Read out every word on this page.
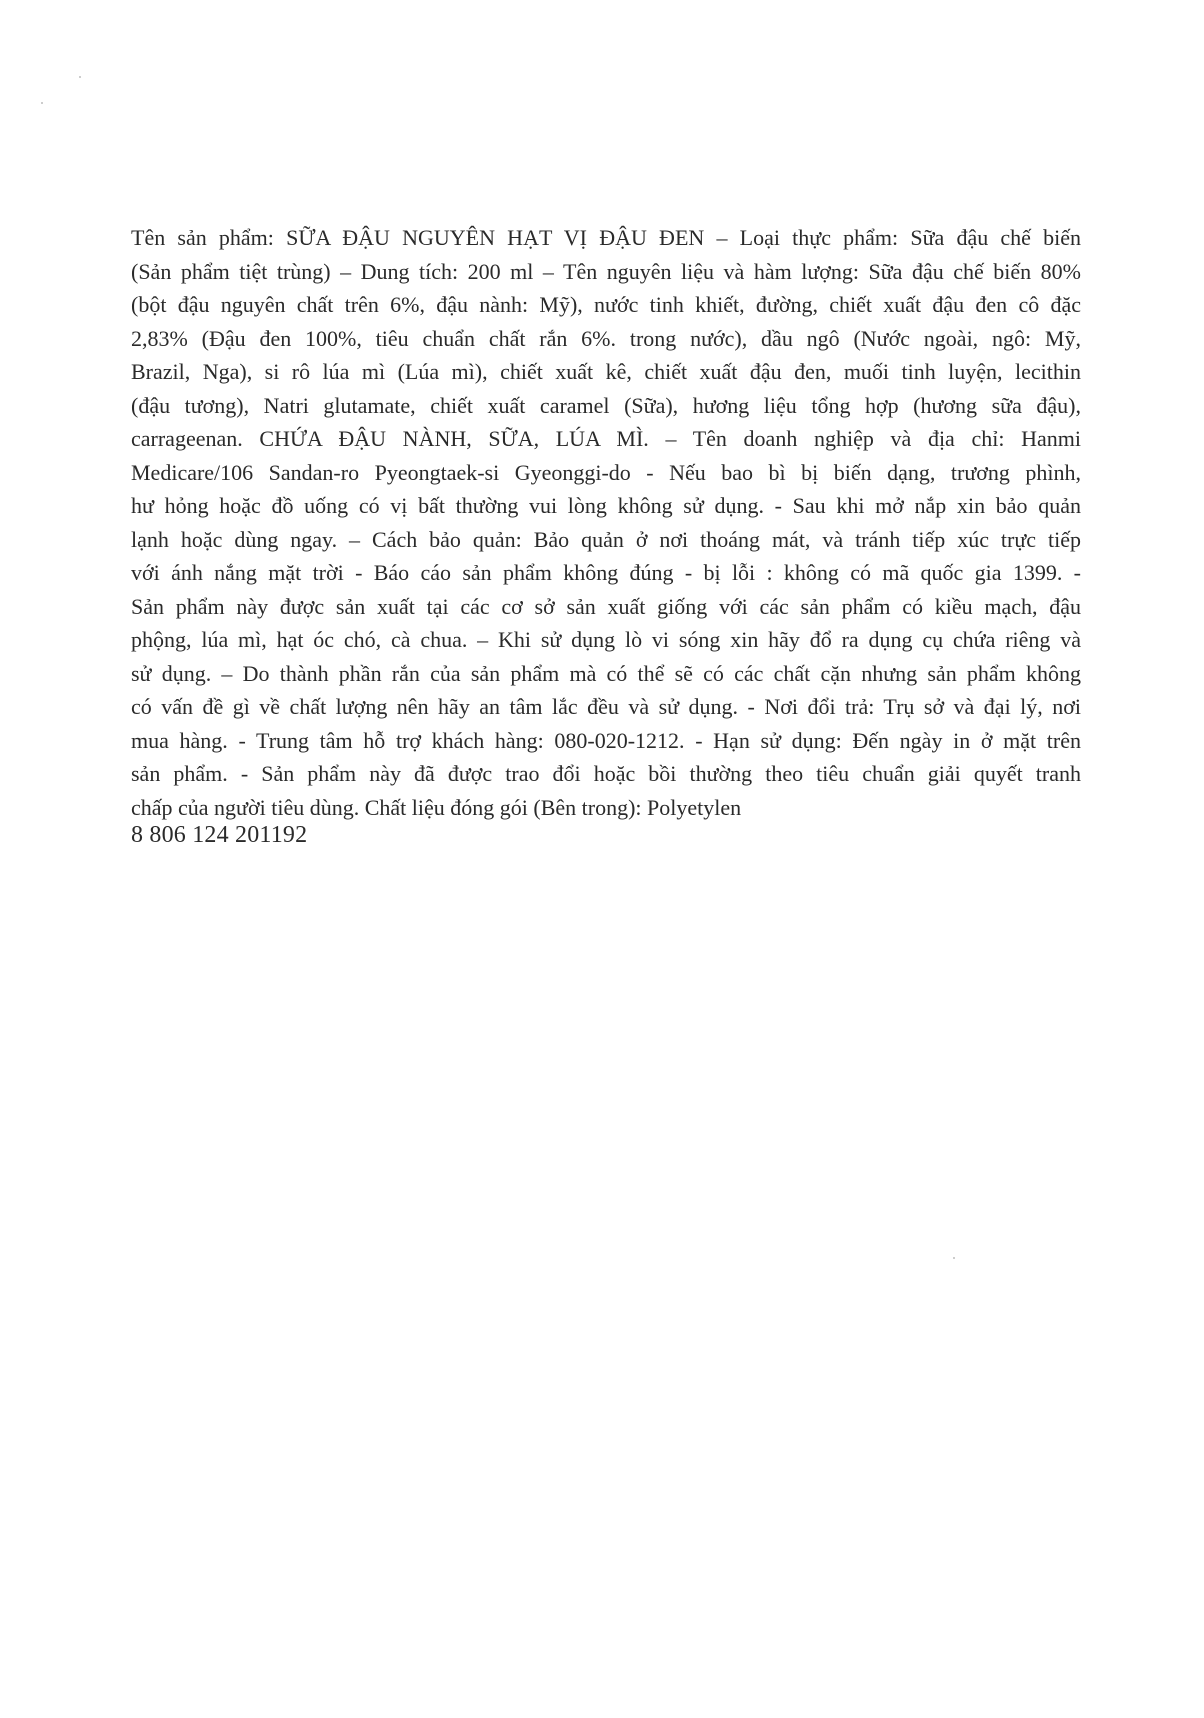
Tên sản phẩm: SỮA ĐẬU NGUYÊN HẠT VỊ ĐẬU ĐEN – Loại thực phẩm: Sữa đậu chế biến
(Sản phẩm tiệt trùng) – Dung tích: 200 ml – Tên nguyên liệu và hàm lượng: Sữa đậu chế biến 80%
(bột đậu nguyên chất trên 6%, đậu nành: Mỹ), nước tinh khiết, đường, chiết xuất đậu đen cô đặc
2,83% (Đậu đen 100%, tiêu chuẩn chất rắn 6%. trong nước), dầu ngô (Nước ngoài, ngô: Mỹ,
Brazil, Nga), si rô lúa mì (Lúa mì), chiết xuất kê, chiết xuất đậu đen, muối tinh luyện, lecithin
(đậu tương), Natri glutamate, chiết xuất caramel (Sữa), hương liệu tổng hợp (hương sữa đậu),
carrageenan. CHỨA ĐẬU NÀNH, SỮA, LÚA MÌ. – Tên doanh nghiệp và địa chỉ: Hanmi
Medicare/106 Sandan-ro Pyeongtaek-si Gyeonggi-do - Nếu bao bì bị biến dạng, trương phình,
hư hỏng hoặc đồ uống có vị bất thường vui lòng không sử dụng. - Sau khi mở nắp xin bảo quản
lạnh hoặc dùng ngay. – Cách bảo quản: Bảo quản ở nơi thoáng mát, và tránh tiếp xúc trực tiếp
với ánh nắng mặt trời - Báo cáo sản phẩm không đúng - bị lỗi : không có mã quốc gia 1399. -
Sản phẩm này được sản xuất tại các cơ sở sản xuất giống với các sản phẩm có kiều mạch, đậu
phộng, lúa mì, hạt óc chó, cà chua. – Khi sử dụng lò vi sóng xin hãy đổ ra dụng cụ chứa riêng và
sử dụng. – Do thành phần rắn của sản phẩm mà có thể sẽ có các chất cặn nhưng sản phẩm không
có vấn đề gì về chất lượng nên hãy an tâm lắc đều và sử dụng. - Nơi đổi trả: Trụ sở và đại lý, nơi
mua hàng. - Trung tâm hỗ trợ khách hàng: 080-020-1212. - Hạn sử dụng: Đến ngày in ở mặt trên
sản phẩm. - Sản phẩm này đã được trao đổi hoặc bồi thường theo tiêu chuẩn giải quyết tranh
chấp của người tiêu dùng. Chất liệu đóng gói (Bên trong): Polyetylen
8 806 124 201192
